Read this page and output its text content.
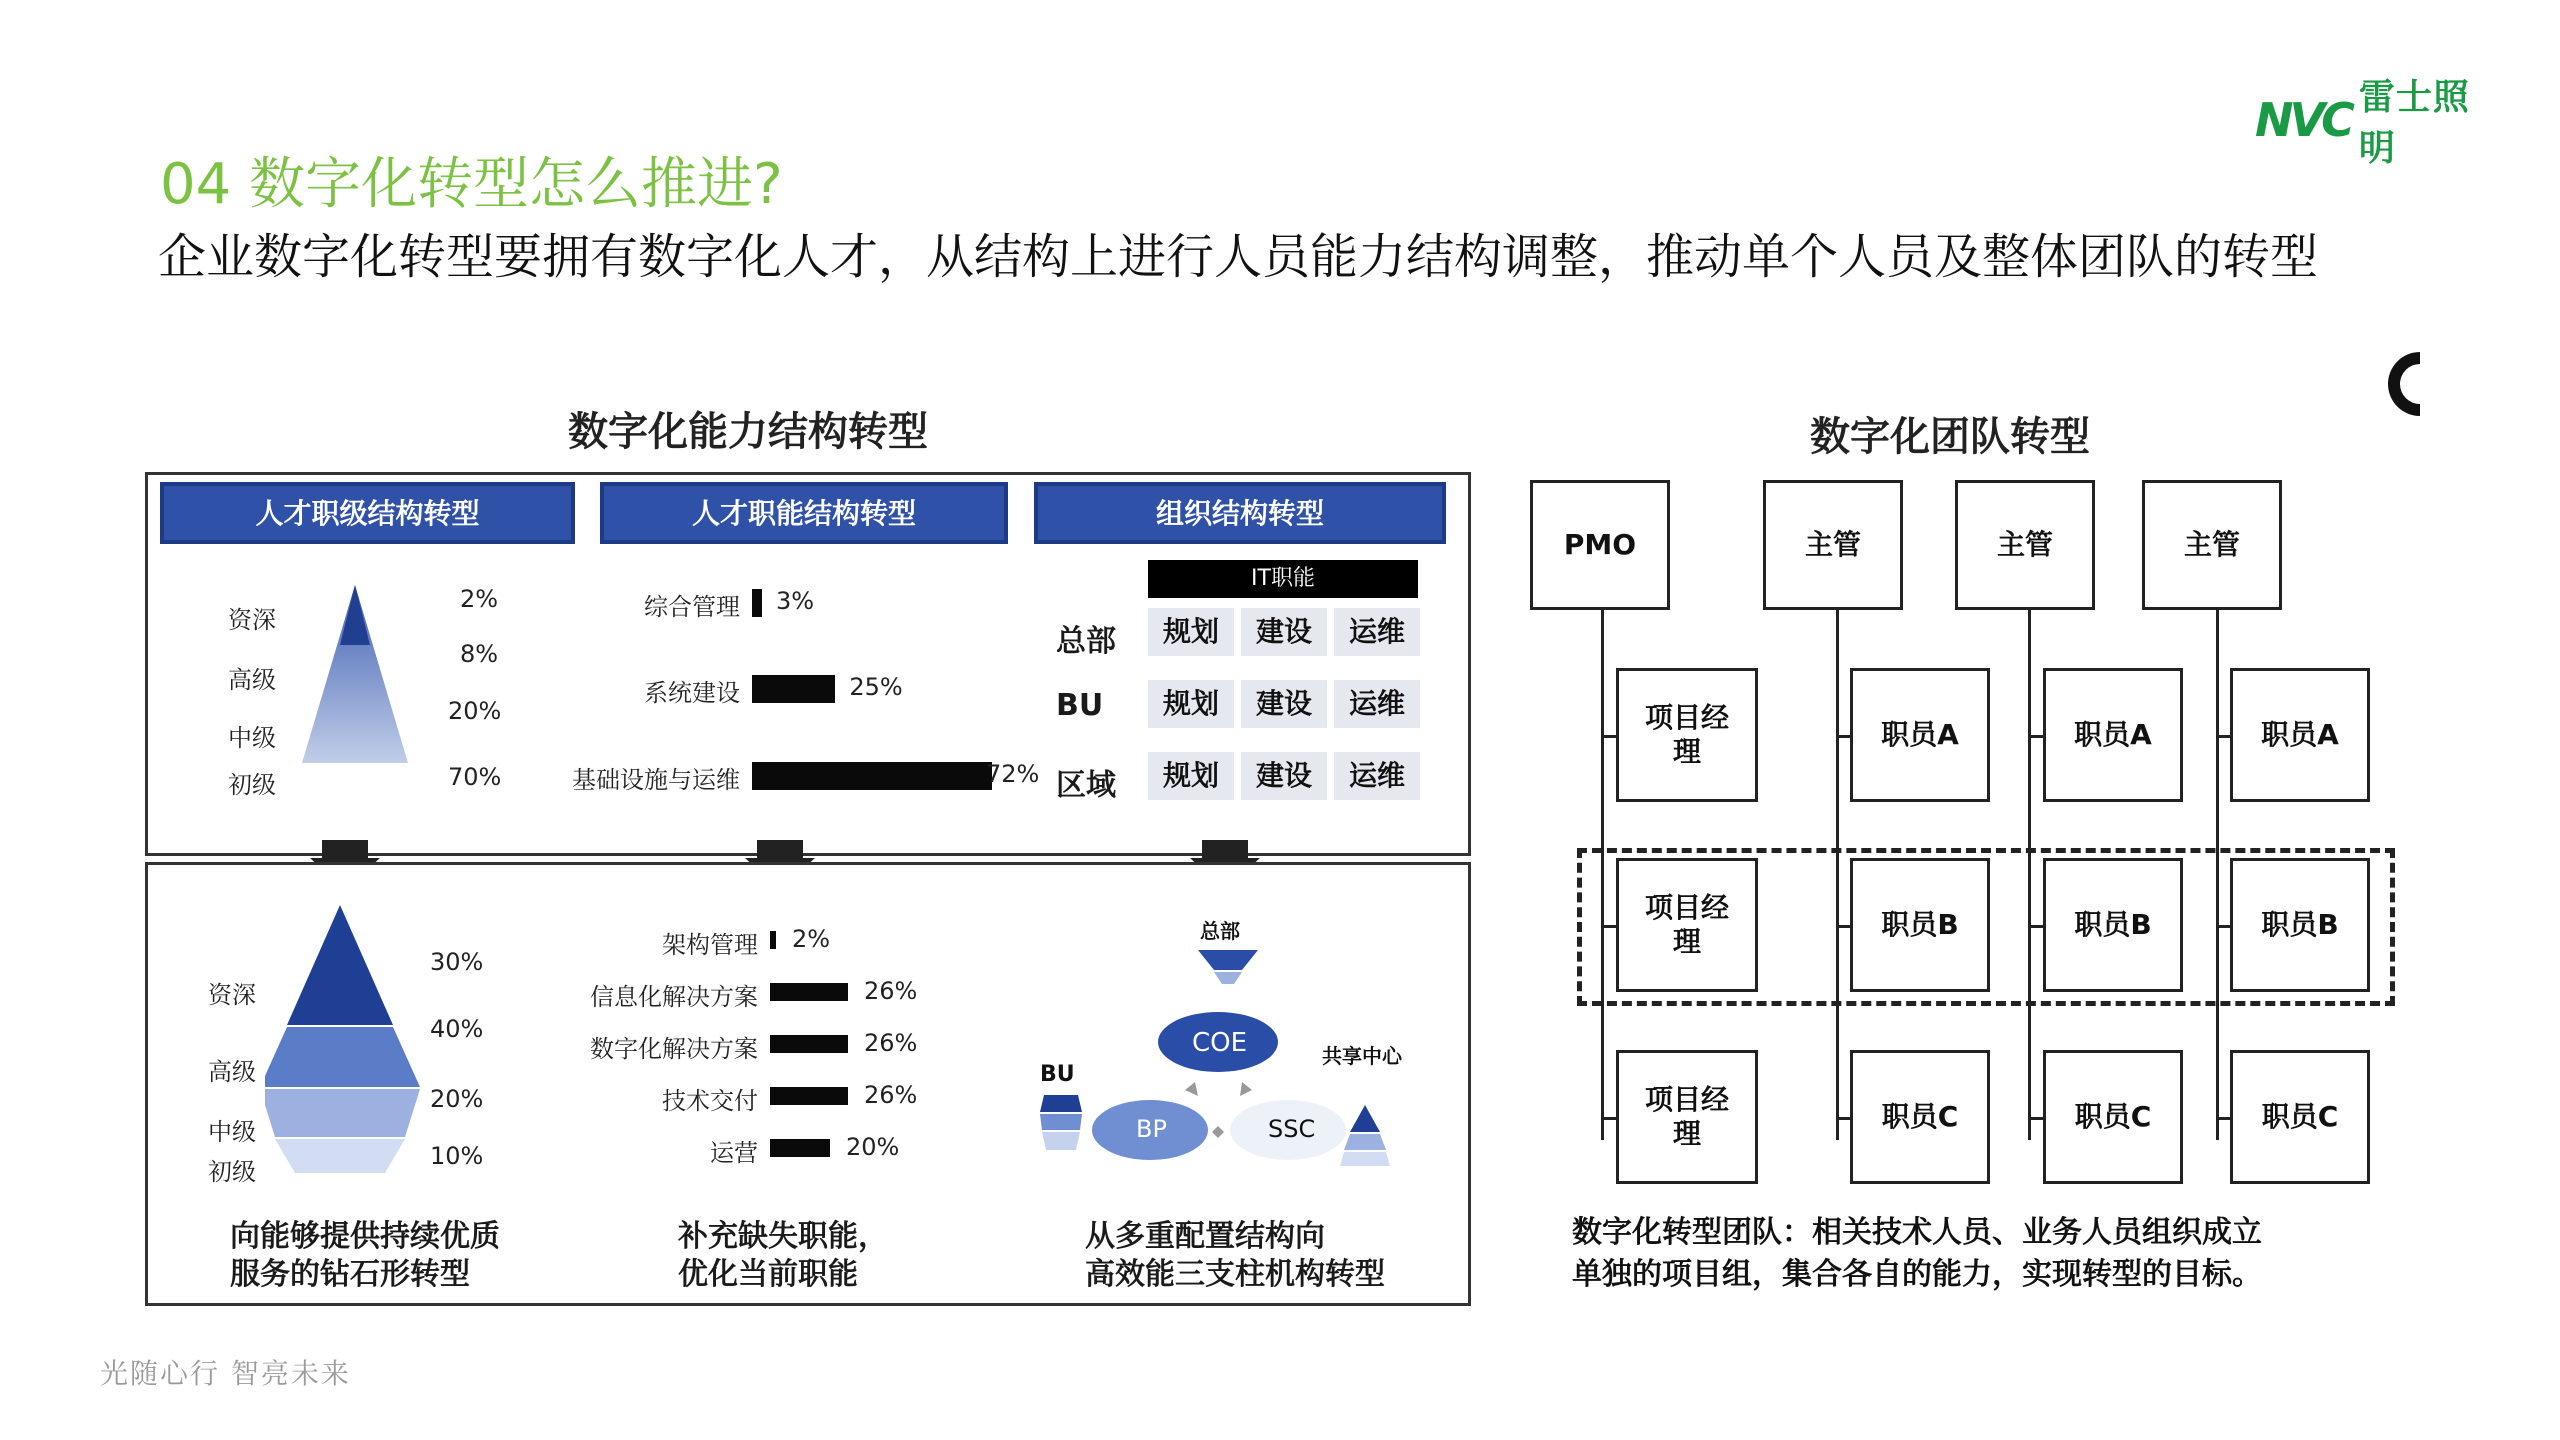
NVC 雷士照明
04 数字化转型怎么推进?
企业数字化转型要拥有数字化人才，从结构上进行人员能力结构调整，推动单个人员及整体团队的转型
数字化能力结构转型
人才职级结构转型	人才职能结构转型	组织结构转型
资深
高级
中级
初级
2%
8%
20%
70%
综合管理 3%
系统建设	25%
基础设施与运维	72%
IT职能
总部	规划	建设	运维
BU	规划	建设	运维
区域	规划	建设	运维
资深
高级
中级
初级
30%
40%
20%
10%
架构管理 2%
信息化解决方案	26%
数字化解决方案	26%
技术交付	26%
运营	20%
总部
BU
共享中心
COE
BP	SSC
向能够提供持续优质
服务的钻石形转型
补充缺失职能，
优化当前职能
从多重配置结构向
高效能三支柱机构转型
数字化团队转型
PMO	主管	主管	主管
项目经理
职员A	职员A	职员A
项目经理
职员B	职员B	职员B
项目经理
职员C	职员C	职员C
数字化转型团队：相关技术人员、业务人员组织成立
单独的项目组，集合各自的能力，实现转型的目标。
光随心行 智亮未来
